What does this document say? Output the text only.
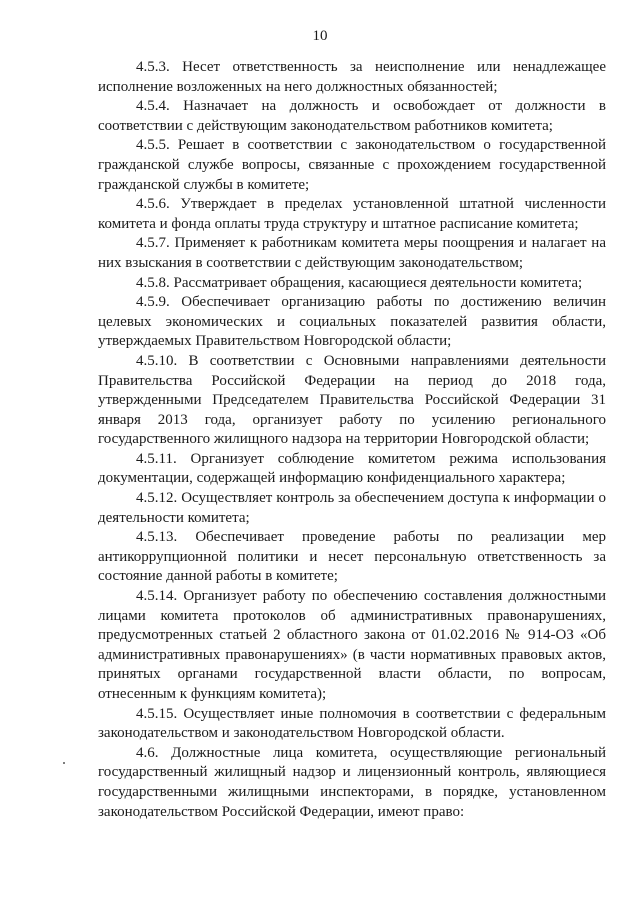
10

4.5.3. Несет ответственность за неисполнение или ненадлежащее исполнение возложенных на него должностных обязанностей;

4.5.4. Назначает на должность и освобождает от должности в соответствии с действующим законодательством работников комитета;

4.5.5. Решает в соответствии с законодательством о государственной гражданской службе вопросы, связанные с прохождением государственной гражданской службы в комитете;

4.5.6. Утверждает в пределах установленной штатной численности комитета и фонда оплаты труда структуру и штатное расписание комитета;

4.5.7. Применяет к работникам комитета меры поощрения и налагает на них взыскания в соответствии с действующим законодательством;

4.5.8. Рассматривает обращения, касающиеся деятельности комитета;

4.5.9. Обеспечивает организацию работы по достижению величин целевых экономических и социальных показателей развития области, утверждаемых Правительством Новгородской области;

4.5.10. В соответствии с Основными направлениями деятельности Правительства Российской Федерации на период до 2018 года, утвержденными Председателем Правительства Российской Федерации 31 января 2013 года, организует работу по усилению регионального государственного жилищного надзора на территории Новгородской области;

4.5.11. Организует соблюдение комитетом режима использования документации, содержащей информацию конфиденциального характера;

4.5.12. Осуществляет контроль за обеспечением доступа к информации о деятельности комитета;

4.5.13. Обеспечивает проведение работы по реализации мер антикоррупционной политики и несет персональную ответственность за состояние данной работы в комитете;

4.5.14. Организует работу по обеспечению составления должностными лицами комитета протоколов об административных правонарушениях, предусмотренных статьей 2 областного закона от 01.02.2016 № 914-ОЗ «Об административных правонарушениях» (в части нормативных правовых актов, принятых органами государственной власти области, по вопросам, отнесенным к функциям комитета);

4.5.15. Осуществляет иные полномочия в соответствии с федеральным законодательством и законодательством Новгородской области.

4.6. Должностные лица комитета, осуществляющие региональный государственный жилищный надзор и лицензионный контроль, являющиеся государственными жилищными инспекторами, в порядке, установленном законодательством Российской Федерации, имеют право:
